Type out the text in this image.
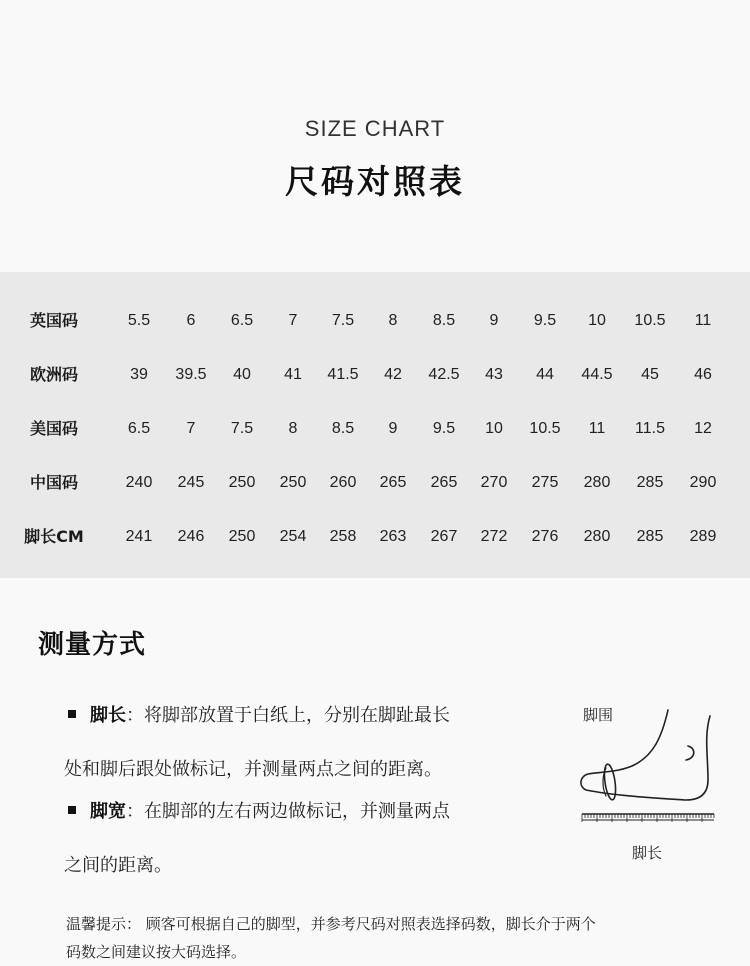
SIZE CHART
尺码对照表
英国码	5.5	6	6.5	7	7.5	8	8.5	9	9.5	10	10.5	11
欧洲码	39	39.5	40	41	41.5	42	42.5	43	44	44.5	45	46
美国码	6.5	7	7.5	8	8.5	9	9.5	10	10.5	11	11.5	12
中国码	240	245	250	250	260	265	265	270	275	280	285	290
脚长CM	241	246	250	254	258	263	267	272	276	280	285	289
测量方式
脚长：将脚部放置于白纸上，分别在脚趾最长
处和脚后跟处做标记，并测量两点之间的距离。
脚宽：在脚部的左右两边做标记，并测量两点
之间的距离。
脚围
脚长
温馨提示： 顾客可根据自己的脚型，并参考尺码对照表选择码数，脚长介于两个
码数之间建议按大码选择。
